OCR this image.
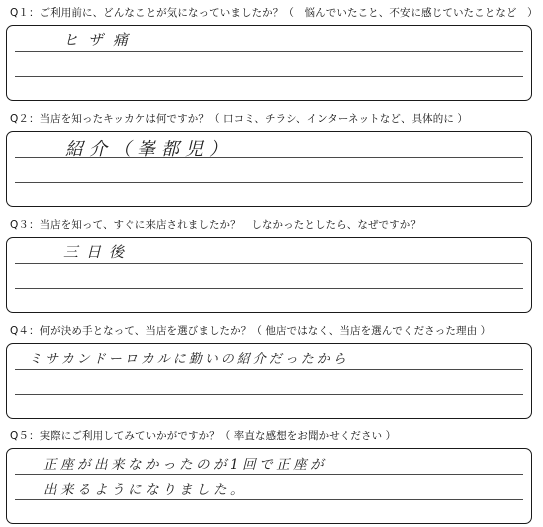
Q１：ご利用前に、どんなことが気になっていましたか？（　悩んでいたこと、不安に感じていたことなど　）
ヒザ痛
Q２：当店を知ったキッカケは何ですか？（ 口コミ、チラシ、インターネットなど、具体的に ）
紹介（峯都児）
Q３：当店を知って、すぐに来店されましたか？　しなかったとしたら、なぜですか？
三日後
Q４：何が決め手となって、当店を選びましたか？（ 他店ではなく、当店を選んでくださった理由 ）
ミサカンドーロカルに勤いの紹介だったから
Q５：実際にご利用してみていかがですか？（ 率直な感想をお聞かせください ）
正座が出来なかったのが1回で正座が
出来るようになりました。
